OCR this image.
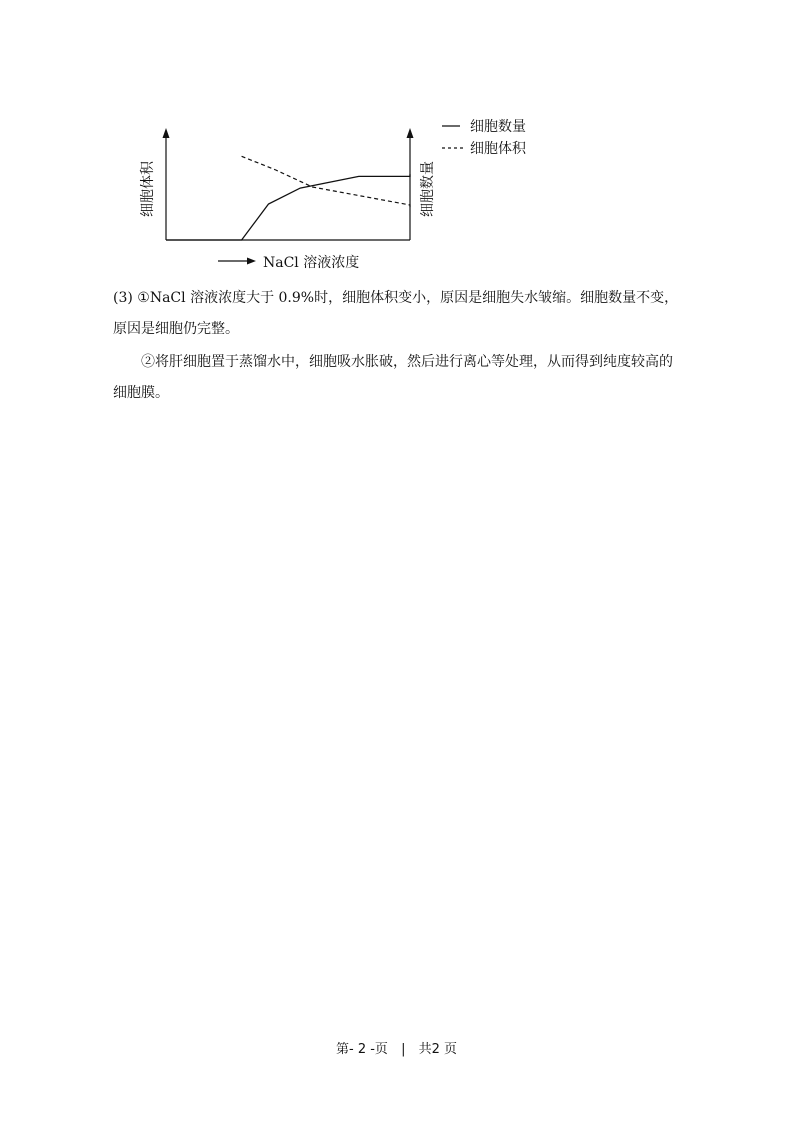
细胞体积	细胞数量
细胞数量
细胞体积
NaCl 溶液浓度

(3) ①NaCl 溶液浓度大于 0.9%时，细胞体积变小，原因是细胞失水皱缩。细胞数量不变，
原因是细胞仍完整。

②将肝细胞置于蒸馏水中，细胞吸水胀破，然后进行离心等处理，从而得到纯度较高的
细胞膜。

第- 2 -页 | 共2 页
